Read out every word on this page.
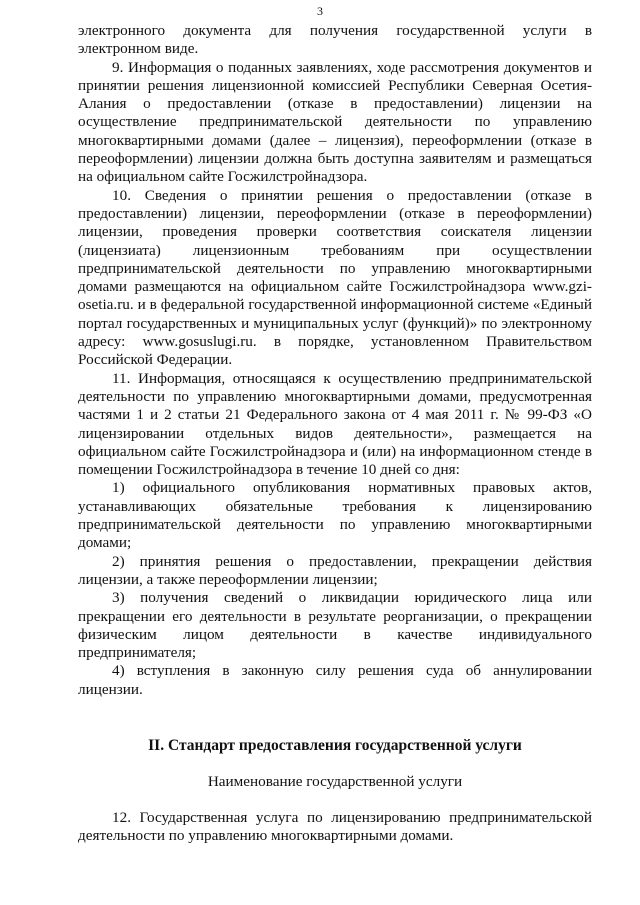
3

электронного документа для получения государственной услуги в электронном виде.

9. Информация о поданных заявлениях, ходе рассмотрения документов и принятии решения лицензионной комиссией Республики Северная Осетия-Алания о предоставлении (отказе в предоставлении) лицензии на осуществление предпринимательской деятельности по управлению многоквартирными домами (далее – лицензия), переоформлении (отказе в переоформлении) лицензии должна быть доступна заявителям и размещаться на официальном сайте Госжилстройнадзора.

10. Сведения о принятии решения о предоставлении (отказе в предоставлении) лицензии, переоформлении (отказе в переоформлении) лицензии, проведения проверки соответствия соискателя лицензии (лицензиата) лицензионным требованиям при осуществлении предпринимательской деятельности по управлению многоквартирными домами размещаются на официальном сайте Госжилстройнадзора www.gzi-osetia.ru. и в федеральной государственной информационной системе «Единый портал государственных и муниципальных услуг (функций)» по электронному адресу: www.gosuslugi.ru. в порядке, установленном Правительством Российской Федерации.

11. Информация, относящаяся к осуществлению предпринимательской деятельности по управлению многоквартирными домами, предусмотренная частями 1 и 2 статьи 21 Федерального закона от 4 мая 2011 г. № 99-ФЗ «О лицензировании отдельных видов деятельности», размещается на официальном сайте Госжилстройнадзора и (или) на информационном стенде в помещении Госжилстройнадзора в течение 10 дней со дня:

1) официального опубликования нормативных правовых актов, устанавливающих обязательные требования к лицензированию предпринимательской деятельности по управлению многоквартирными домами;

2) принятия решения о предоставлении, прекращении действия лицензии, а также переоформлении лицензии;

3) получения сведений о ликвидации юридического лица или прекращении его деятельности в результате реорганизации, о прекращении физическим лицом деятельности в качестве индивидуального предпринимателя;

4) вступления в законную силу решения суда об аннулировании лицензии.

II. Стандарт предоставления государственной услуги
Наименование государственной услуги

12. Государственная услуга по лицензированию предпринимательской деятельности по управлению многоквартирными домами.
